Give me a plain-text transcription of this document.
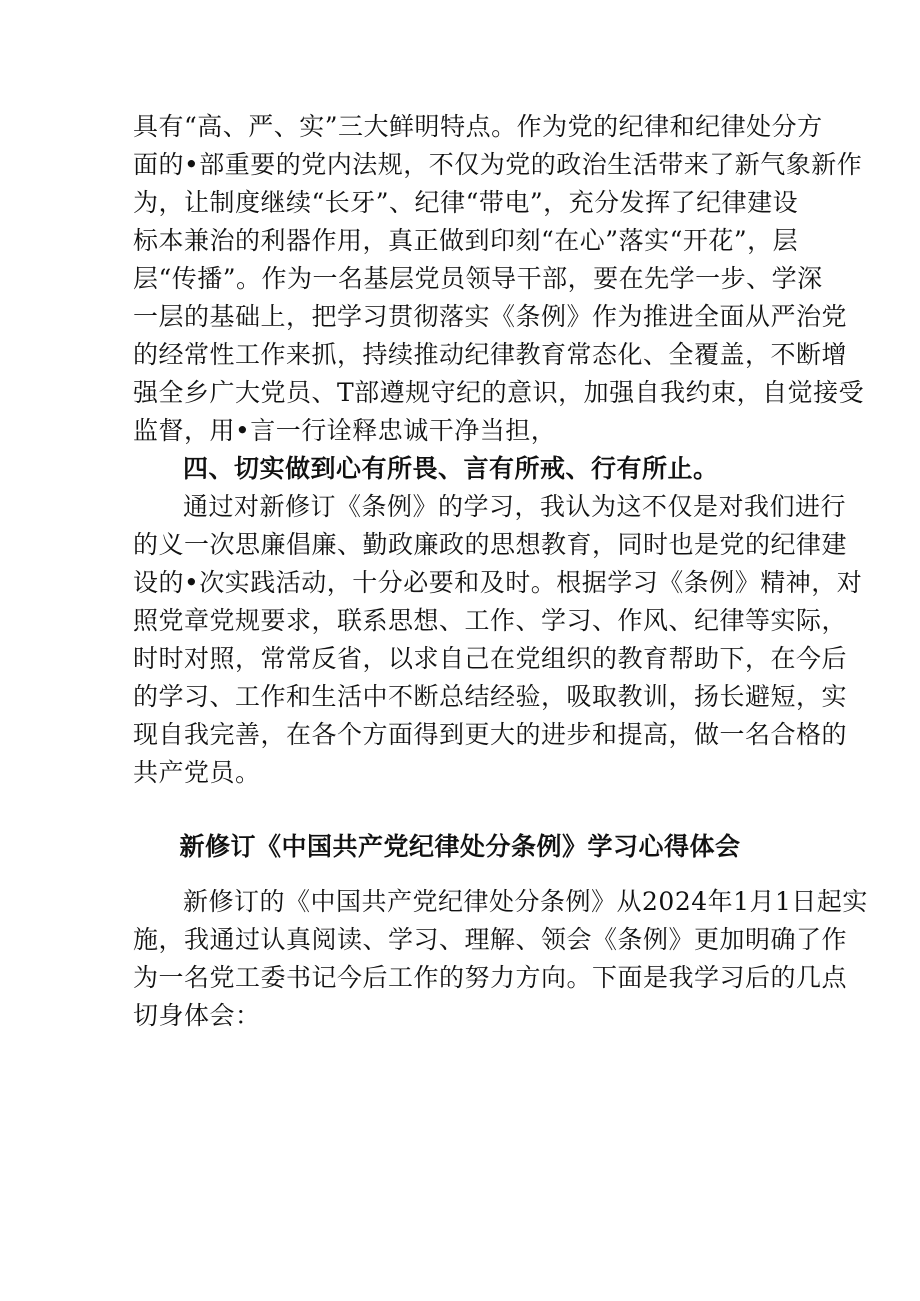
具有“高、严、实”三大鲜明特点。作为党的纪律和纪律处分方
面的•部重要的党内法规，不仅为党的政治生活带来了新气象新作
为，让制度继续“长牙”、纪律“带电”，充分发挥了纪律建设
标本兼治的利器作用，真正做到印刻“在心”落实“开花”，层
层“传播”。作为一名基层党员领导干部，要在先学一步、学深
一层的基础上，把学习贯彻落实《条例》作为推进全面从严治党
的经常性工作来抓，持续推动纪律教育常态化、全覆盖，不断增
强全乡广大党员、T部遵规守纪的意识，加强自我约束，自觉接受
监督，用•言一行诠释忠诚干净当担，
四、切实做到心有所畏、言有所戒、行有所止。
通过对新修订《条例》的学习，我认为这不仅是对我们进行
的义一次思廉倡廉、勤政廉政的思想教育，同时也是党的纪律建
设的•次实践活动，十分必要和及时。根据学习《条例》精神，对
照党章党规要求，联系思想、工作、学习、作风、纪律等实际，
时时对照，常常反省，以求自己在党组织的教育帮助下，在今后
的学习、工作和生活中不断总结经验，吸取教训，扬长避短，实
现自我完善，在各个方面得到更大的进步和提高，做一名合格的
共产党员。
新修订《中国共产党纪律处分条例》学习心得体会
新修订的《中国共产党纪律处分条例》从2024年1月1日起实
施，我通过认真阅读、学习、理解、领会《条例》更加明确了作
为一名党工委书记今后工作的努力方向。下面是我学习后的几点
切身体会：
